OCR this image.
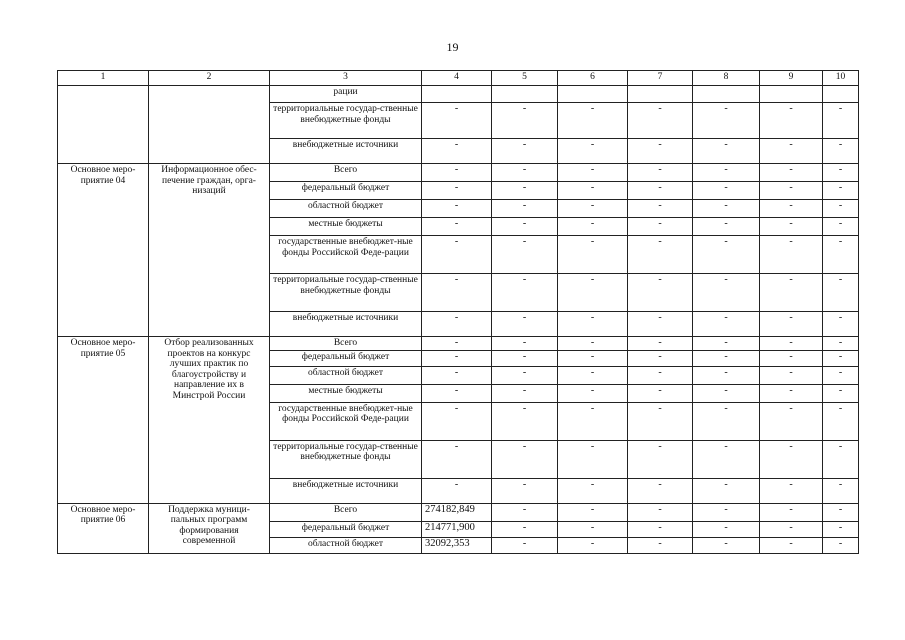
19
1	2	3	4	5	6	7	8	9	10
		рации							
		территориальные государ-ственные внебюджетные фонды	-	-	-	-	-	-	-
		внебюджетные источники	-	-	-	-	-	-	-
Основное меро-приятие 04	Информационное обес-печение граждан, орга-низаций	Всего	-	-	-	-	-	-	-
		федеральный бюджет	-	-	-	-	-	-	-
		областной бюджет	-	-	-	-	-	-	-
		местные бюджеты	-	-	-	-	-	-	-
		государственные внебюджет-ные фонды Российской Феде-рации	-	-	-	-	-	-	-
		территориальные государ-ственные внебюджетные фонды	-	-	-	-	-	-	-
		внебюджетные источники	-	-	-	-	-	-	-
Основное меро-приятие 05	Отбор реализованных проектов на конкурс лучших практик по благоустройству и направление их в Минстрой России	Всего	-	-	-	-	-	-	-
		федеральный бюджет	-	-	-	-	-	-	-
		областной бюджет	-	-	-	-	-	-	-
		местные бюджеты	-	-	-	-	-	-	-
		государственные внебюджет-ные фонды Российской Феде-рации	-	-	-	-	-	-	-
		территориальные государ-ственные внебюджетные фонды	-	-	-	-	-	-	-
		внебюджетные источники	-	-	-	-	-	-	-
Основное меро-приятие 06	Поддержка муници-пальных программ формирования современной	Всего	274182,849	-	-	-	-	-	-
		федеральный бюджет	214771,900	-	-	-	-	-	-
		областной бюджет	32092,353	-	-	-	-	-	-
